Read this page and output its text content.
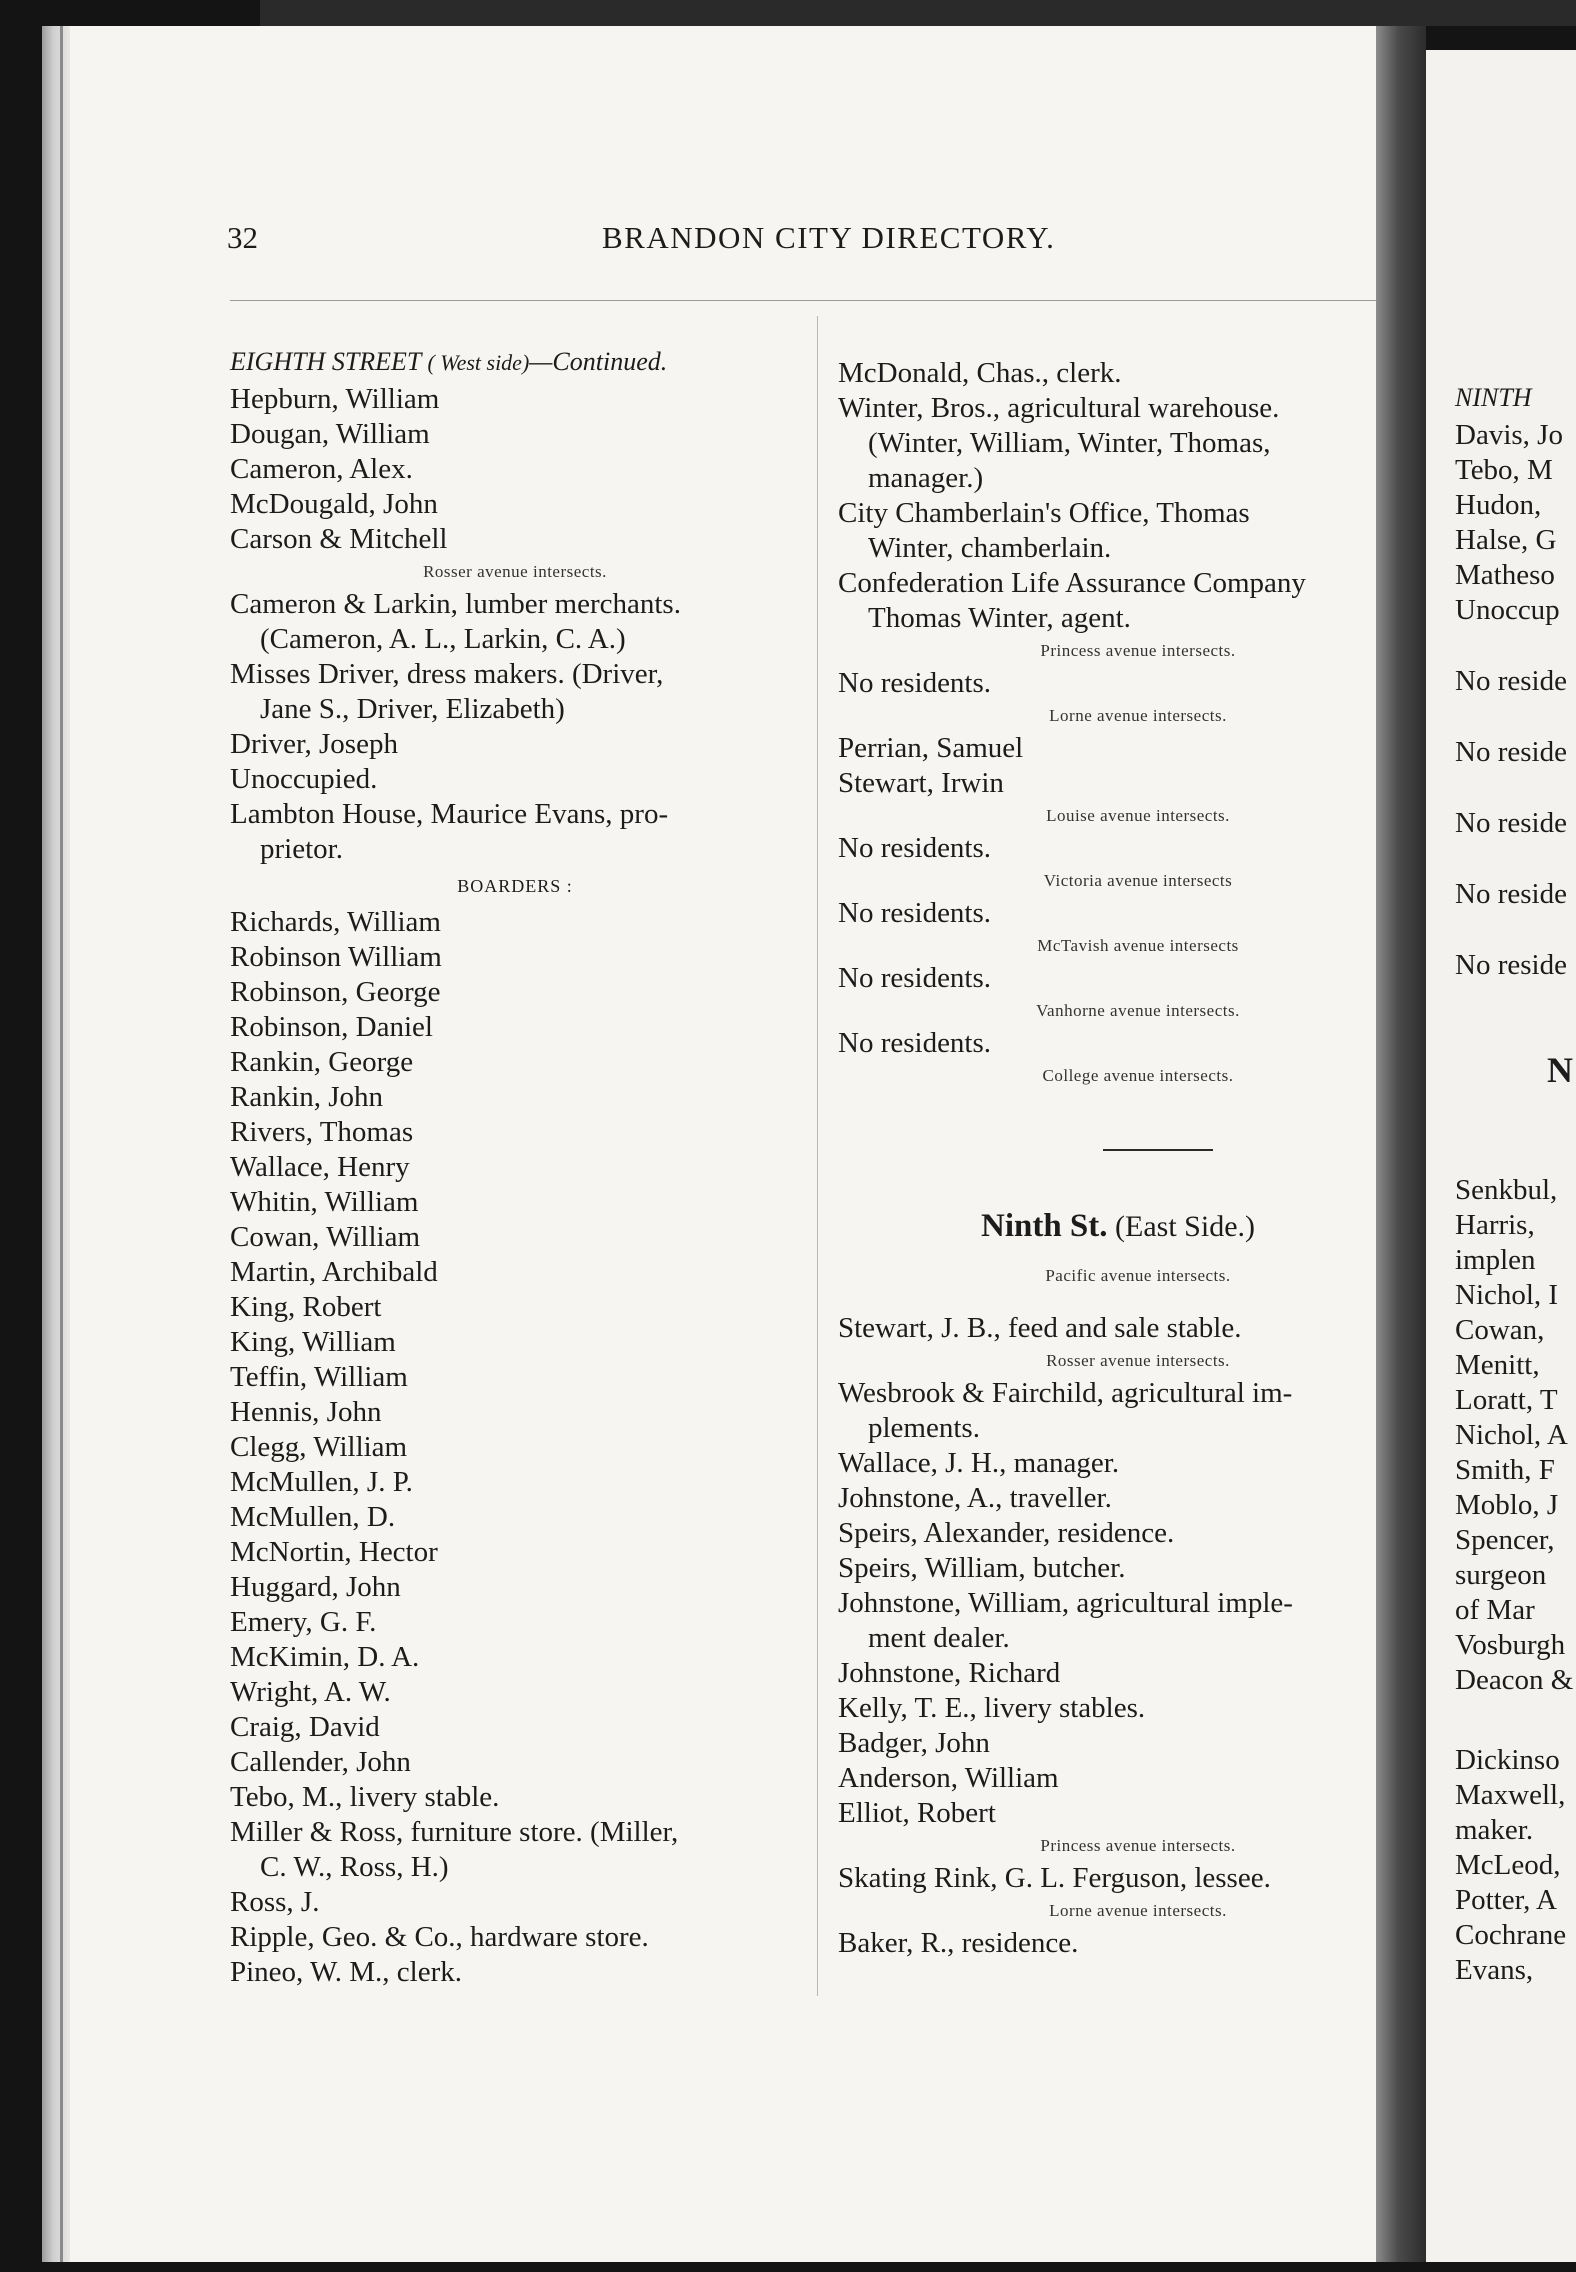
32	BRANDON CITY DIRECTORY.
EIGHTH STREET ( West side)—Continued.
Hepburn, William
Dougan, William
Cameron, Alex.
McDougald, John
Carson & Mitchell
Rosser avenue intersects.
Cameron & Larkin, lumber merchants.
(Cameron, A. L., Larkin, C. A.)
Misses Driver, dress makers. (Driver,
Jane S., Driver, Elizabeth)
Driver, Joseph
Unoccupied.
Lambton House, Maurice Evans, pro-
prietor.
BOARDERS :
Richards, William
Robinson William
Robinson, George
Robinson, Daniel
Rankin, George
Rankin, John
Rivers, Thomas
Wallace, Henry
Whitin, William
Cowan, William
Martin, Archibald
King, Robert
King, William
Teffin, William
Hennis, John
Clegg, William
McMullen, J. P.
McMullen, D.
McNortin, Hector
Huggard, John
Emery, G. F.
McKimin, D. A.
Wright, A. W.
Craig, David
Callender, John
Tebo, M., livery stable.
Miller & Ross, furniture store. (Miller,
C. W., Ross, H.)
Ross, J.
Ripple, Geo. & Co., hardware store.
Pineo, W. M., clerk.
McDonald, Chas., clerk.
Winter, Bros., agricultural warehouse.
(Winter, William, Winter, Thomas,
manager.)
City Chamberlain's Office, Thomas
Winter, chamberlain.
Confederation Life Assurance Company
Thomas Winter, agent.
Princess avenue intersects.
No residents.
Lorne avenue intersects.
Perrian, Samuel
Stewart, Irwin
Louise avenue intersects.
No residents.
Victoria avenue intersects
No residents.
McTavish avenue intersects
No residents.
Vanhorne avenue intersects.
No residents.
College avenue intersects.
Ninth St. (East Side.)
Pacific avenue intersects.
Stewart, J. B., feed and sale stable.
Rosser avenue intersects.
Wesbrook & Fairchild, agricultural im-
plements.
Wallace, J. H., manager.
Johnstone, A., traveller.
Speirs, Alexander, residence.
Speirs, William, butcher.
Johnstone, William, agricultural imple-
ment dealer.
Johnstone, Richard
Kelly, T. E., livery stables.
Badger, John
Anderson, William
Elliot, Robert
Princess avenue intersects.
Skating Rink, G. L. Ferguson, lessee.
Lorne avenue intersects.
Baker, R., residence.
NINTH
Davis, Jo
Tebo, M
Hudon,
Halse, G
Matheso
Unoccup
No reside
No reside
No reside
No reside
No reside
N
Senkbul,
Harris,
implen
Nichol, I
Cowan,
Menitt,
Loratt, T
Nichol, A
Smith, F
Moblo, J
Spencer,
surgeon
of Mar
Vosburgh
Deacon &
Dickinso
Maxwell,
maker.
McLeod,
Potter, A
Cochrane
Evans,
